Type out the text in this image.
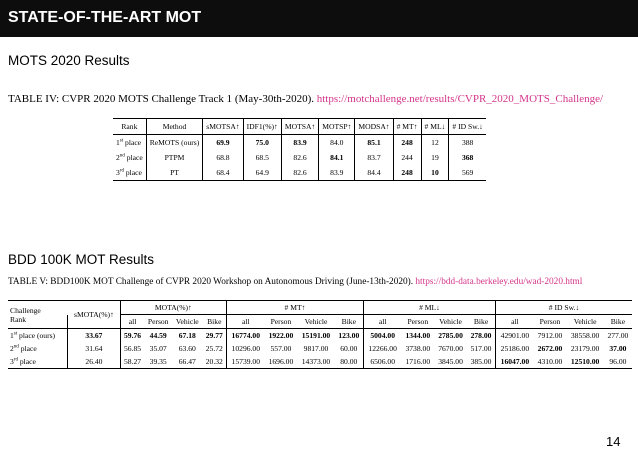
STATE-OF-THE-ART MOT
MOTS 2020 Results
TABLE IV: CVPR 2020 MOTS Challenge Track 1 (May-30th-2020). https://motchallenge.net/results/CVPR_2020_MOTS_Challenge/
Rank	Method	sMOTSA↑	IDF1(%)↑	MOTSA↑	MOTSP↑	MODSA↑	# MT↑	# ML↓	# ID Sw.↓
1st place	ReMOTS (ours)	69.9	75.0	83.9	84.0	85.1	248	12	388
2nd place	PTPM	68.8	68.5	82.6	84.1	83.7	244	19	368
3rd place	PT	68.4	64.9	82.6	83.9	84.4	248	10	569
BDD 100K MOT Results
TABLE V: BDD100K MOT Challenge of CVPR 2020 Workshop on Autonomous Driving (June-13th-2020). https://bdd-data.berkeley.edu/wad-2020.html
Challenge	sMOTA(%)↑	MOTA(%)↑				# MT↑				# ML↓				# ID Sw.↓			
Rank		all	Person	Vehicle	Bike	all	Person	Vehicle	Bike	all	Person	Vehicle	Bike	all	Person	Vehicle	Bike
1st place (ours)	33.67	59.76	44.59	67.18	29.77	16774.00	1922.00	15191.00	123.00	5004.00	1344.00	2785.00	278.00	42901.00	7912.00	38558.00	277.00
2nd place	31.64	56.85	35.07	63.60	25.72	10296.00	557.00	9817.00	60.00	12266.00	3738.00	7670.00	517.00	25186.00	2672.00	23179.00	37.00
3rd place	26.40	58.27	39.35	66.47	20.32	15739.00	1696.00	14373.00	80.00	6506.00	1716.00	3845.00	385.00	16047.00	4310.00	12510.00	96.00
14
